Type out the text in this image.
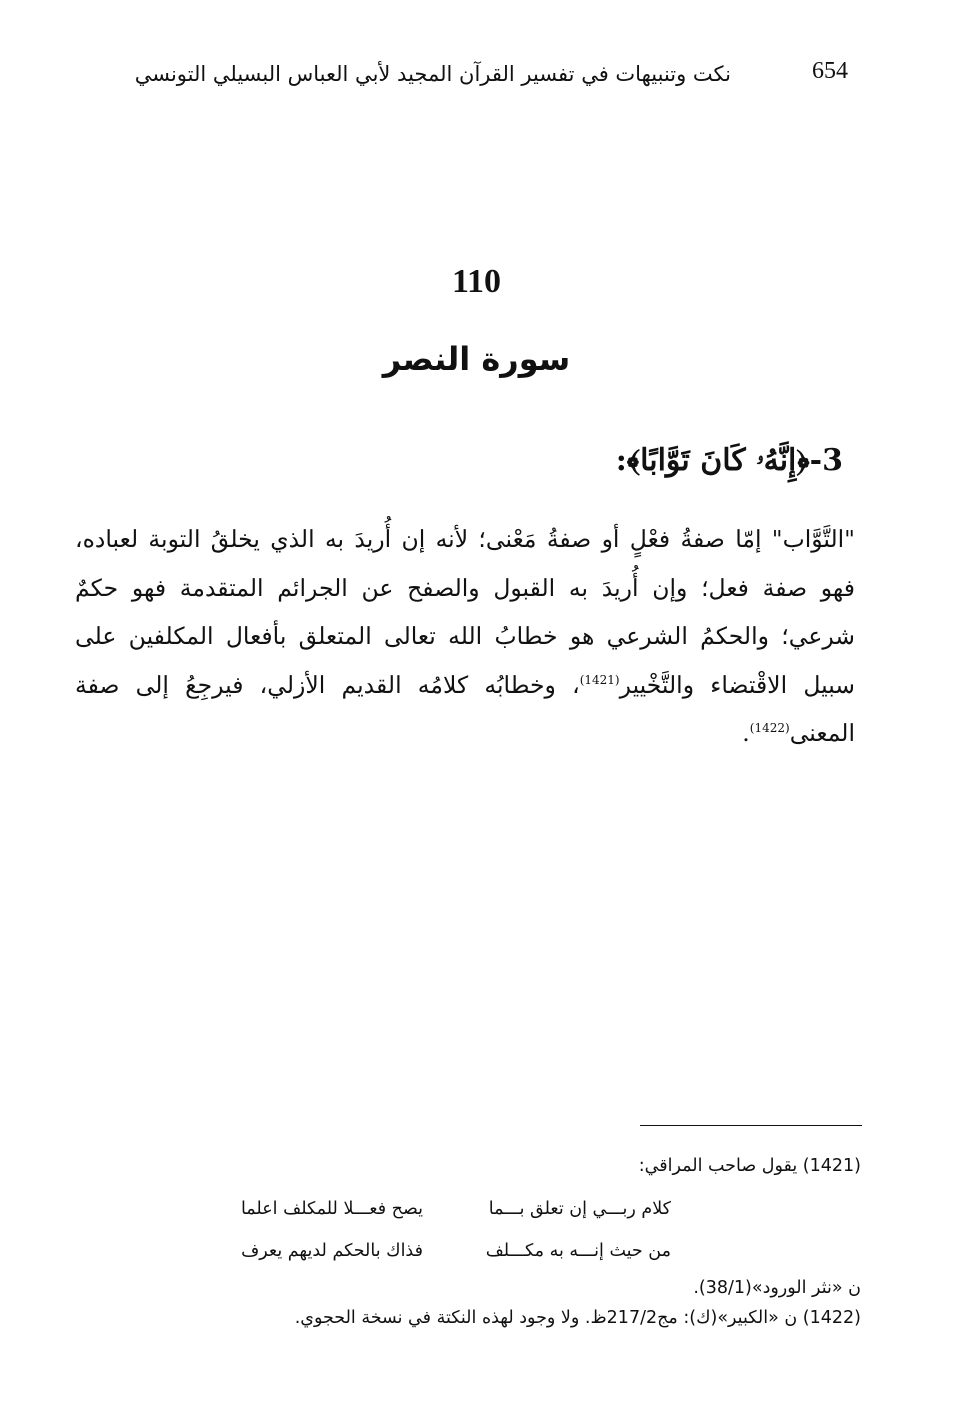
654
نكت وتنبيهات في تفسير القرآن المجيد لأبي العباس البسيلي التونسي
110
سورة النصر
3-﴿إِنَّهُۥ كَانَ تَوَّابًا﴾:
"التَّوَّاب" إمّا صفةُ فعْلٍ أو صفةُ مَعْنى؛ لأنه إن أُريدَ به الذي يخلقُ التوبة لعباده، فهو صفة فعل؛ وإن أُريدَ به القبول والصفح عن الجرائم المتقدمة فهو حكمٌ شرعي؛ والحكمُ الشرعي هو خطابُ الله تعالى المتعلق بأفعال المكلفين على سبيل الاقْتضاء والتَّخْيير$^{(1421)}$، وخطابُه كلامُه القديم الأزلي، فيرجِعُ إلى صفة المعنى$^{(1422)}$.
(1421) يقول صاحب المراقي:
كلام ربـــي إن تعلق بـــما
يصح فعـــلا للمكلف اعلما
من حيث إنـــه به مكـــلف
فذاك بالحكم لديهم يعرف
ن «نثر الورود»(38/1).
(1422) ن «الكبير»(ك): مج217/2ظ. ولا وجود لهذه النكتة في نسخة الحجوي.
